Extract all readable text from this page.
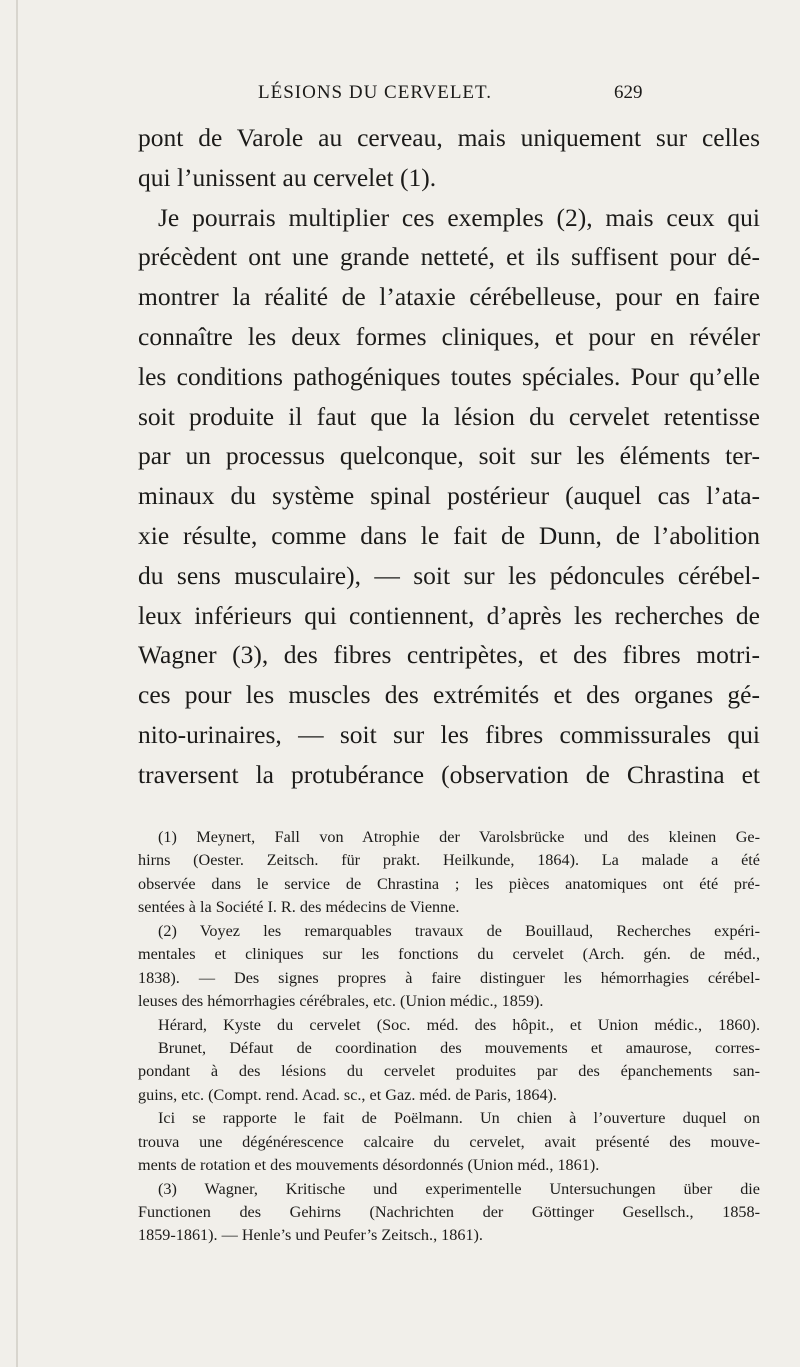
LÉSIONS DU CERVELET.	629
pont de Varole au cerveau, mais uniquement sur celles
qui l’unissent au cervelet (1).
Je pourrais multiplier ces exemples (2), mais ceux qui
précèdent ont une grande netteté, et ils suffisent pour dé-
montrer la réalité de l’ataxie cérébelleuse, pour en faire
connaître les deux formes cliniques, et pour en révéler
les conditions pathogéniques toutes spéciales. Pour qu’elle
soit produite il faut que la lésion du cervelet retentisse
par un processus quelconque, soit sur les éléments ter-
minaux du système spinal postérieur (auquel cas l’ata-
xie résulte, comme dans le fait de Dunn, de l’abolition
du sens musculaire), — soit sur les pédoncules cérébel-
leux inférieurs qui contiennent, d’après les recherches de
Wagner (3), des fibres centripètes, et des fibres motri-
ces pour les muscles des extrémités et des organes gé-
nito-urinaires, — soit sur les fibres commissurales qui
traversent la protubérance (observation de Chrastina et
(1) Meynert, Fall von Atrophie der Varolsbrücke und des kleinen Ge-
hirns (Oester. Zeitsch. für prakt. Heilkunde, 1864). La malade a été
observée dans le service de Chrastina ; les pièces anatomiques ont été pré-
sentées à la Société I. R. des médecins de Vienne.
(2) Voyez les remarquables travaux de Bouillaud, Recherches expéri-
mentales et cliniques sur les fonctions du cervelet (Arch. gén. de méd.,
1838). — Des signes propres à faire distinguer les hémorrhagies cérébel-
leuses des hémorrhagies cérébrales, etc. (Union médic., 1859).
Hérard, Kyste du cervelet (Soc. méd. des hôpit., et Union médic., 1860).
Brunet, Défaut de coordination des mouvements et amaurose, corres-
pondant à des lésions du cervelet produites par des épanchements san-
guins, etc. (Compt. rend. Acad. sc., et Gaz. méd. de Paris, 1864).
Ici se rapporte le fait de Poëlmann. Un chien à l’ouverture duquel on
trouva une dégénérescence calcaire du cervelet, avait présenté des mouve-
ments de rotation et des mouvements désordonnés (Union méd., 1861).
(3) Wagner, Kritische und experimentelle Untersuchungen über die
Functionen des Gehirns (Nachrichten der Göttinger Gesellsch., 1858-
1859-1861). — Henle’s und Peufer’s Zeitsch., 1861).
